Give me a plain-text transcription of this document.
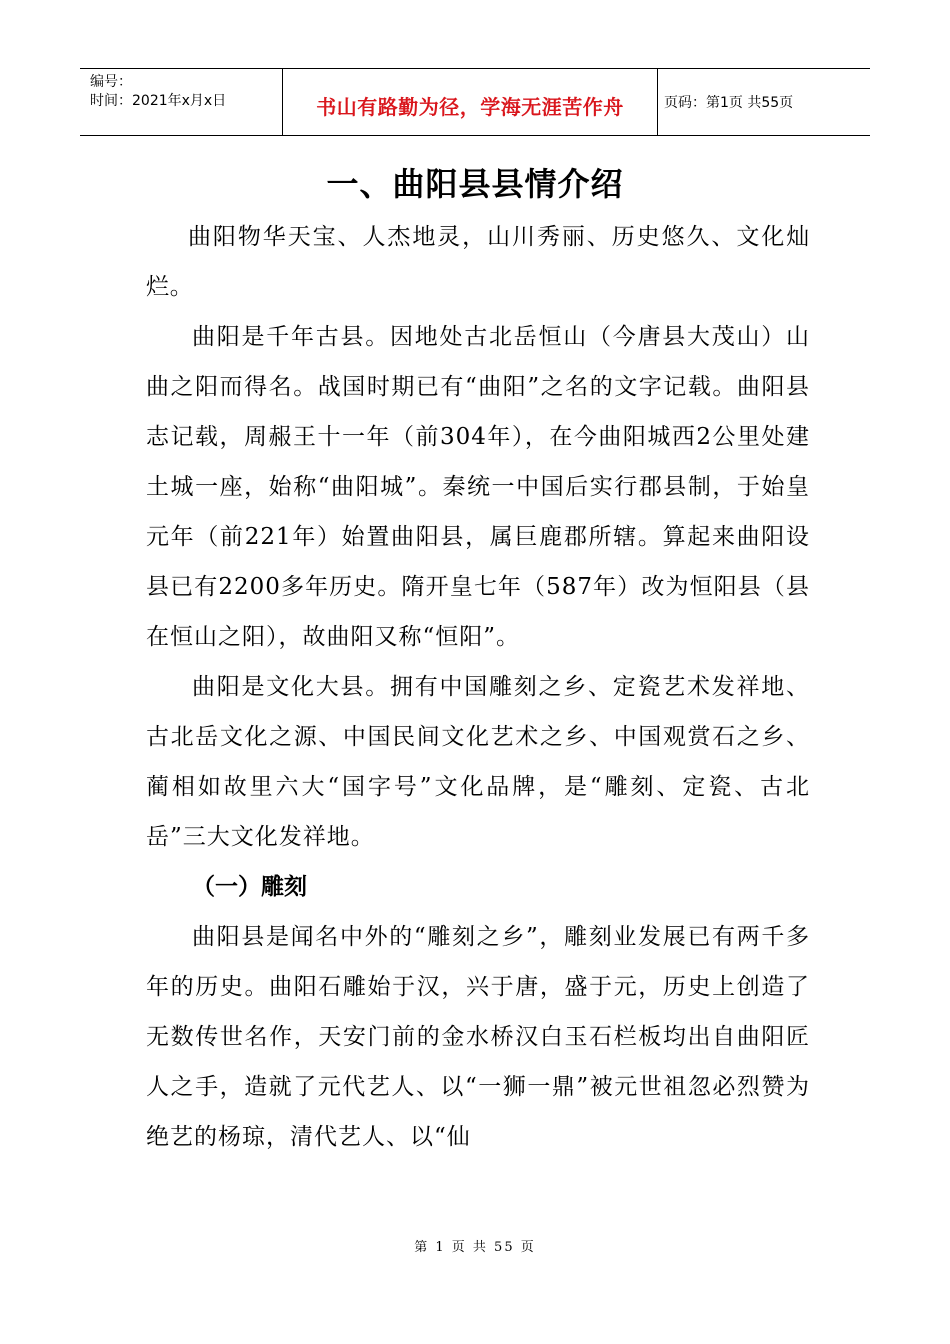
编号：
时间：2021年x月x日	书山有路勤为径，学海无涯苦作舟	页码：第1页 共55页
一、曲阳县县情介绍

曲阳物华天宝、人杰地灵，山川秀丽、历史悠久、文化灿烂。

曲阳是千年古县。因地处古北岳恒山（今唐县大茂山）山曲之阳而得名。战国时期已有“曲阳”之名的文字记载。曲阳县志记载，周赧王十一年（前304年），在今曲阳城西2公里处建土城一座，始称“曲阳城”。秦统一中国后实行郡县制，于始皇元年（前221年）始置曲阳县，属巨鹿郡所辖。算起来曲阳设县已有2200多年历史。隋开皇七年（587年）改为恒阳县（县在恒山之阳），故曲阳又称“恒阳”。

曲阳是文化大县。拥有中国雕刻之乡、定瓷艺术发祥地、古北岳文化之源、中国民间文化艺术之乡、中国观赏石之乡、蔺相如故里六大“国字号”文化品牌，是“雕刻、定瓷、古北岳”三大文化发祥地。

（一）雕刻

曲阳县是闻名中外的“雕刻之乡”，雕刻业发展已有两千多年的历史。曲阳石雕始于汉，兴于唐，盛于元，历史上创造了无数传世名作，天安门前的金水桥汉白玉石栏板均出自曲阳匠人之手，造就了元代艺人、以“一狮一鼎”被元世祖忽必烈赞为绝艺的杨琼，清代艺人、以“仙

第 1 页 共 55 页
